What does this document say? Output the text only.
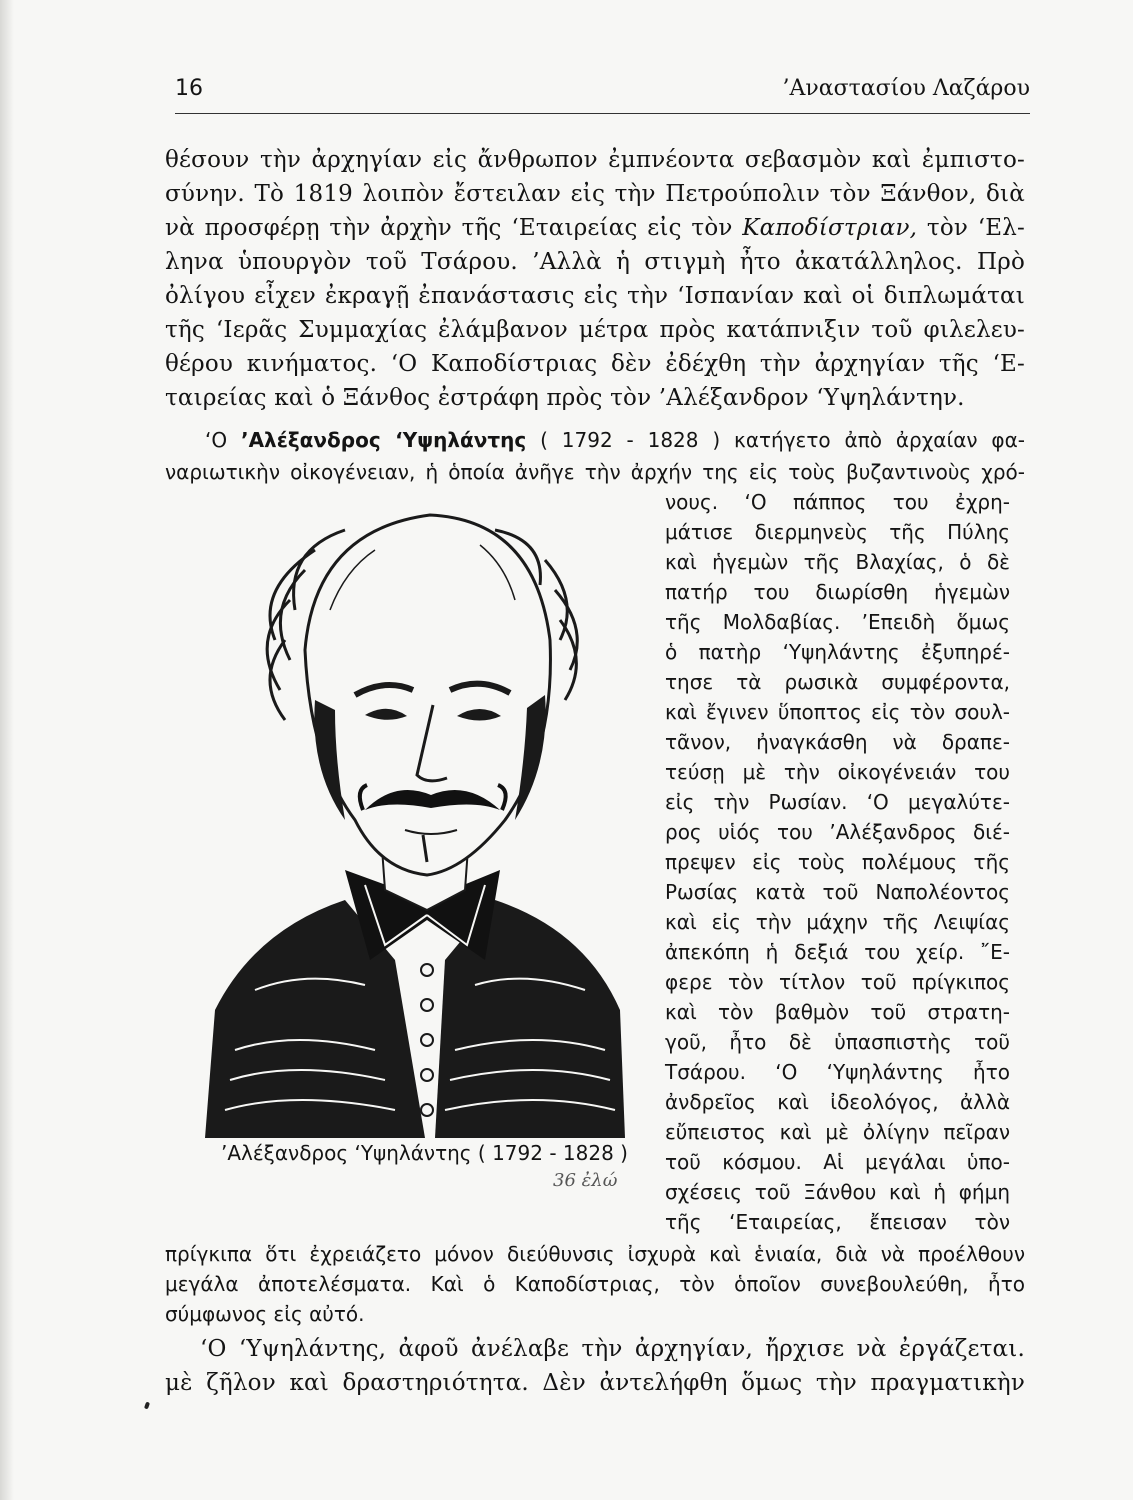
16	’Αναστασίου Λαζάρου
θέσουν τὴν ἀρχηγίαν εἰς ἄνθρωπον ἐμπνέοντα σεβασμὸν καὶ ἐμπιστο-
σύνην. Τὸ 1819 λοιπὸν ἔστειλαν εἰς τὴν Πετρούπολιν τὸν Ξάνθον, διὰ
νὰ προσφέρῃ τὴν ἀρχὴν τῆς ‘Εταιρείας εἰς τὸν Καποδίστριαν, τὸν ‘Ελ-
ληνα ὑπουργὸν τοῦ Τσάρου. ’Αλλὰ ἡ στιγμὴ ἦτο ἀκατάλληλος. Πρὸ
ὀλίγου εἶχεν ἐκραγῇ ἐπανάστασις εἰς τὴν ‘Ισπανίαν καὶ οἱ διπλωμάται
τῆς ‘Ιερᾶς Συμμαχίας ἐλάμβανον μέτρα πρὸς κατάπνιξιν τοῦ φιλελευ-
θέρου κινήματος. ‘Ο Καποδίστριας δὲν ἐδέχθη τὴν ἀρχηγίαν τῆς ‘Ε-
ταιρείας καὶ ὁ Ξάνθος ἐστράφη πρὸς τὸν ’Αλέξανδρον ‘Υψηλάντην.
‘Ο ’Αλέξανδρος ‘Υψηλάντης ( 1792 - 1828 ) κατήγετο ἀπὸ ἀρχαίαν φα-
ναριωτικὴν οἰκογένειαν, ἡ ὁποία ἀνῆγε τὴν ἀρχήν της εἰς τοὺς βυζαντινοὺς χρό-
νους. ‘Ο πάππος του ἐχρη-
μάτισε διερμηνεὺς τῆς Πύλης
καὶ ἡγεμὼν τῆς Βλαχίας, ὁ δὲ
πατήρ του διωρίσθη ἡγεμὼν
τῆς Μολδαβίας. ’Επειδὴ ὅμως
ὁ πατὴρ ‘Υψηλάντης ἐξυπηρέ-
τησε τὰ ρωσικὰ συμφέροντα,
καὶ ἔγινεν ὕποπτος εἰς τὸν σουλ-
τᾶνον, ἠναγκάσθη νὰ δραπε-
τεύσῃ μὲ τὴν οἰκογένειάν του
εἰς τὴν Ρωσίαν. ‘Ο μεγαλύτε-
ρος υἱός του ’Αλέξανδρος διέ-
πρεψεν εἰς τοὺς πολέμους τῆς
Ρωσίας κατὰ τοῦ Ναπολέοντος
καὶ εἰς τὴν μάχην τῆς Λειψίας
ἀπεκόπη ἡ δεξιά του χείρ. ῎Ε-
φερε τὸν τίτλον τοῦ πρίγκιπος
καὶ τὸν βαθμὸν τοῦ στρατη-
γοῦ, ἦτο δὲ ὑπασπιστὴς τοῦ
Τσάρου. ‘Ο ‘Υψηλάντης ἦτο
ἀνδρεῖος καὶ ἰδεολόγος, ἀλλὰ
εὔπειστος καὶ μὲ ὀλίγην πεῖραν
τοῦ κόσμου. Αἱ μεγάλαι ὑπο-
σχέσεις τοῦ Ξάνθου καὶ ἡ φήμη
τῆς ‘Εταιρείας, ἔπεισαν τὸν
πρίγκιπα ὅτι ἐχρειάζετο μόνον διεύθυνσις ἰσχυρὰ καὶ ἑνιαία, διὰ νὰ προέλθουν
μεγάλα ἀποτελέσματα. Καὶ ὁ Καποδίστριας, τὸν ὁποῖον συνεβουλεύθη, ἦτο
σύμφωνος εἰς αὐτό.
’Αλέξανδρος ‘Υψηλάντης ( 1792 - 1828 )
36 ἐλώ
‘Ο ‘Υψηλάντης, ἀφοῦ ἀνέλαβε τὴν ἀρχηγίαν, ἤρχισε νὰ ἐργάζεται.
μὲ ζῆλον καὶ δραστηριότητα. Δὲν ἀντελήφθη ὅμως τὴν πραγματικὴν
